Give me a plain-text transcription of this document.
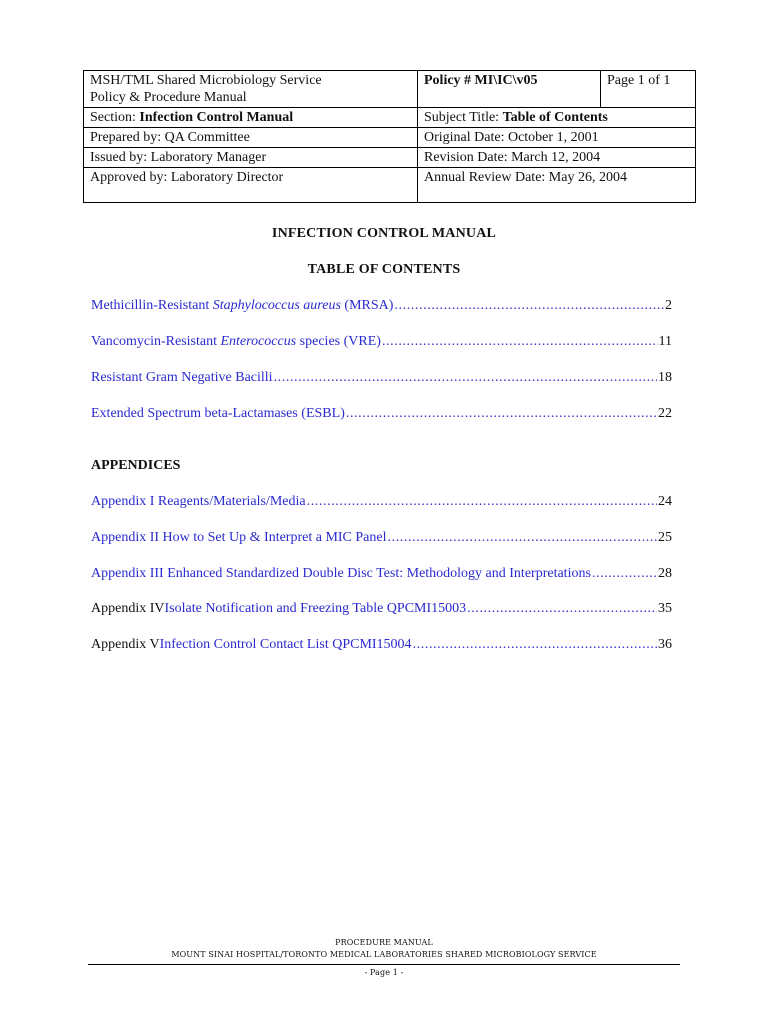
MSH/TML Shared Microbiology Service
Policy & Procedure Manual	Policy # MI\IC\v05	Page 1 of 1
Section: Infection Control Manual	Subject Title: Table of Contents	
Prepared by: QA Committee	Original Date: October 1, 2001	
Issued by: Laboratory Manager	Revision Date: March 12, 2004	
Approved by: Laboratory Director	Annual Review Date: May 26, 2004	
INFECTION CONTROL MANUAL
TABLE OF CONTENTS
Methicillin-Resistant Staphylococcus aureus (MRSA) .....	2
Vancomycin-Resistant Enterococcus species (VRE) .....	11
Resistant Gram Negative Bacilli .....	18
Extended Spectrum beta-Lactamases (ESBL) .....	22
APPENDICES
Appendix I Reagents/Materials/Media .....	24
Appendix II How to Set Up & Interpret a MIC Panel .....	25
Appendix III Enhanced Standardized Double Disc Test: Methodology and Interpretations .....	28
Appendix IV Isolate Notification and Freezing Table QPCMI15003 .....	35
Appendix V Infection Control Contact List QPCMI15004 .....	36
PROCEDURE MANUAL
MOUNT SINAI HOSPITAL/TORONTO MEDICAL LABORATORIES SHARED MICROBIOLOGY SERVICE
- Page 1 -
